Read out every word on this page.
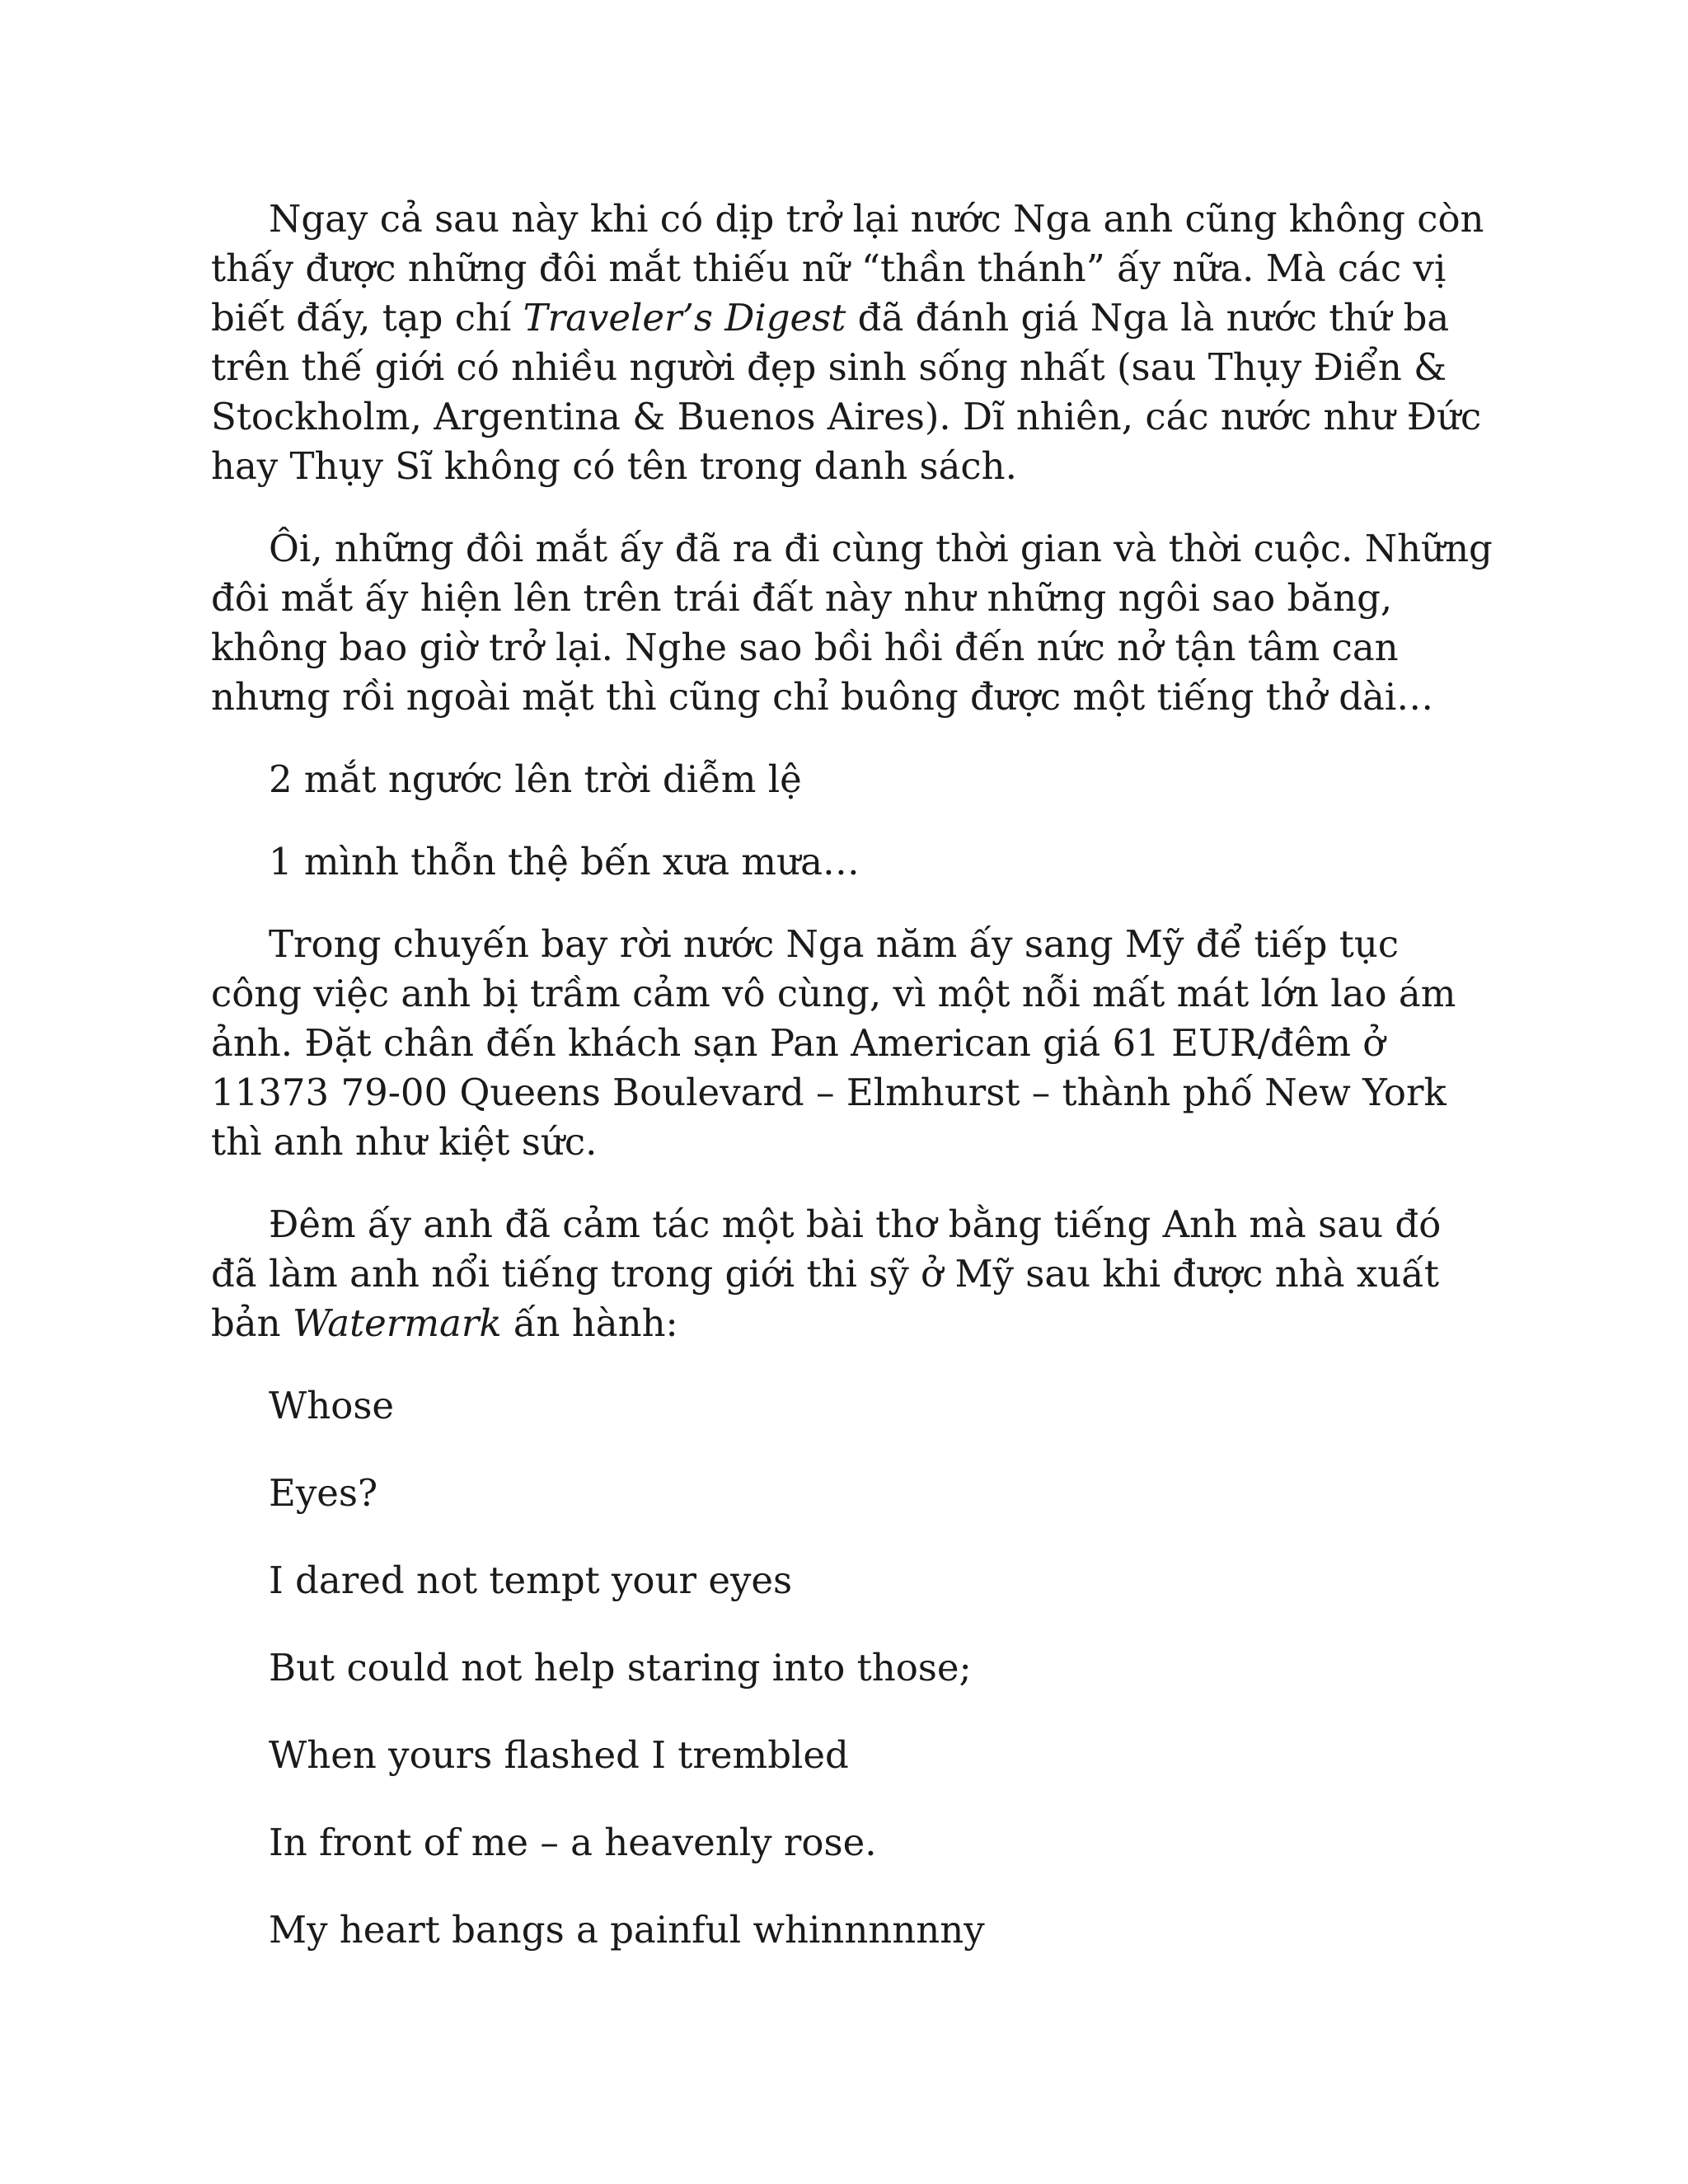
Ngay cả sau này khi có dịp trở lại nước Nga anh cũng không còn thấy được những đôi mắt thiếu nữ “thần thánh” ấy nữa. Mà các vị biết đấy, tạp chí Traveler’s Digest đã đánh giá Nga là nước thứ ba trên thế giới có nhiều người đẹp sinh sống nhất (sau Thụy Điển & Stockholm, Argentina & Buenos Aires). Dĩ nhiên, các nước như Đức hay Thụy Sĩ không có tên trong danh sách.

Ôi, những đôi mắt ấy đã ra đi cùng thời gian và thời cuộc. Những đôi mắt ấy hiện lên trên trái đất này như những ngôi sao băng, không bao giờ trở lại. Nghe sao bồi hồi đến nức nở tận tâm can nhưng rồi ngoài mặt thì cũng chỉ buông được một tiếng thở dài…

2 mắt ngước lên trời diễm lệ

1 mình thỗn thệ bến xưa mưa…

Trong chuyến bay rời nước Nga năm ấy sang Mỹ để tiếp tục công việc anh bị trầm cảm vô cùng, vì một nỗi mất mát lớn lao ám ảnh. Đặt chân đến khách sạn Pan American giá 61 EUR/đêm ở 11373 79-00 Queens Boulevard – Elmhurst – thành phố New York thì anh như kiệt sức.

Đêm ấy anh đã cảm tác một bài thơ bằng tiếng Anh mà sau đó đã làm anh nổi tiếng trong giới thi sỹ ở Mỹ sau khi được nhà xuất bản Watermark ấn hành:

Whose

Eyes?

I dared not tempt your eyes

But could not help staring into those;

When yours flashed I trembled

In front of me – a heavenly rose.

My heart bangs a painful whinnnnnny
